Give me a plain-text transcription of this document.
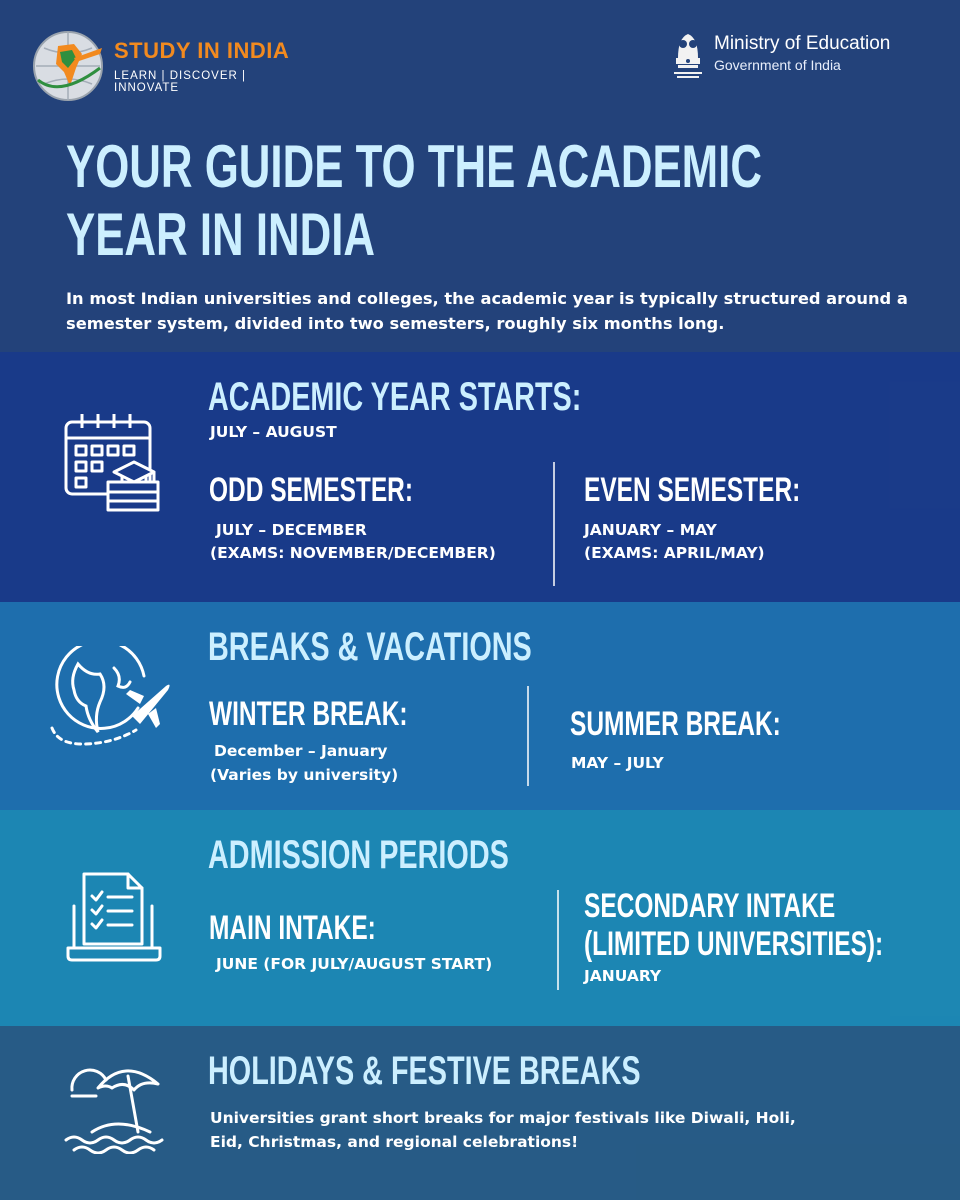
STUDY IN INDIA
LEARN | DISCOVER | INNOVATE
Ministry of Education
Government of India
YOUR GUIDE TO THE ACADEMIC
YEAR IN INDIA
In most Indian universities and colleges, the academic year is typically structured around a semester system, divided into two semesters, roughly six months long.
ACADEMIC YEAR STARTS:
JULY – AUGUST
ODD SEMESTER:
JULY – DECEMBER
(EXAMS: NOVEMBER/DECEMBER)
EVEN SEMESTER:
JANUARY – MAY
(EXAMS: APRIL/MAY)
BREAKS & VACATIONS
WINTER BREAK:
December – January
(Varies by university)
SUMMER BREAK:
MAY – JULY
ADMISSION PERIODS
MAIN INTAKE:
JUNE (FOR JULY/AUGUST START)
SECONDARY INTAKE
(LIMITED UNIVERSITIES):
JANUARY
HOLIDAYS & FESTIVE BREAKS
Universities grant short breaks for major festivals like Diwali, Holi,
Eid, Christmas, and regional celebrations!
